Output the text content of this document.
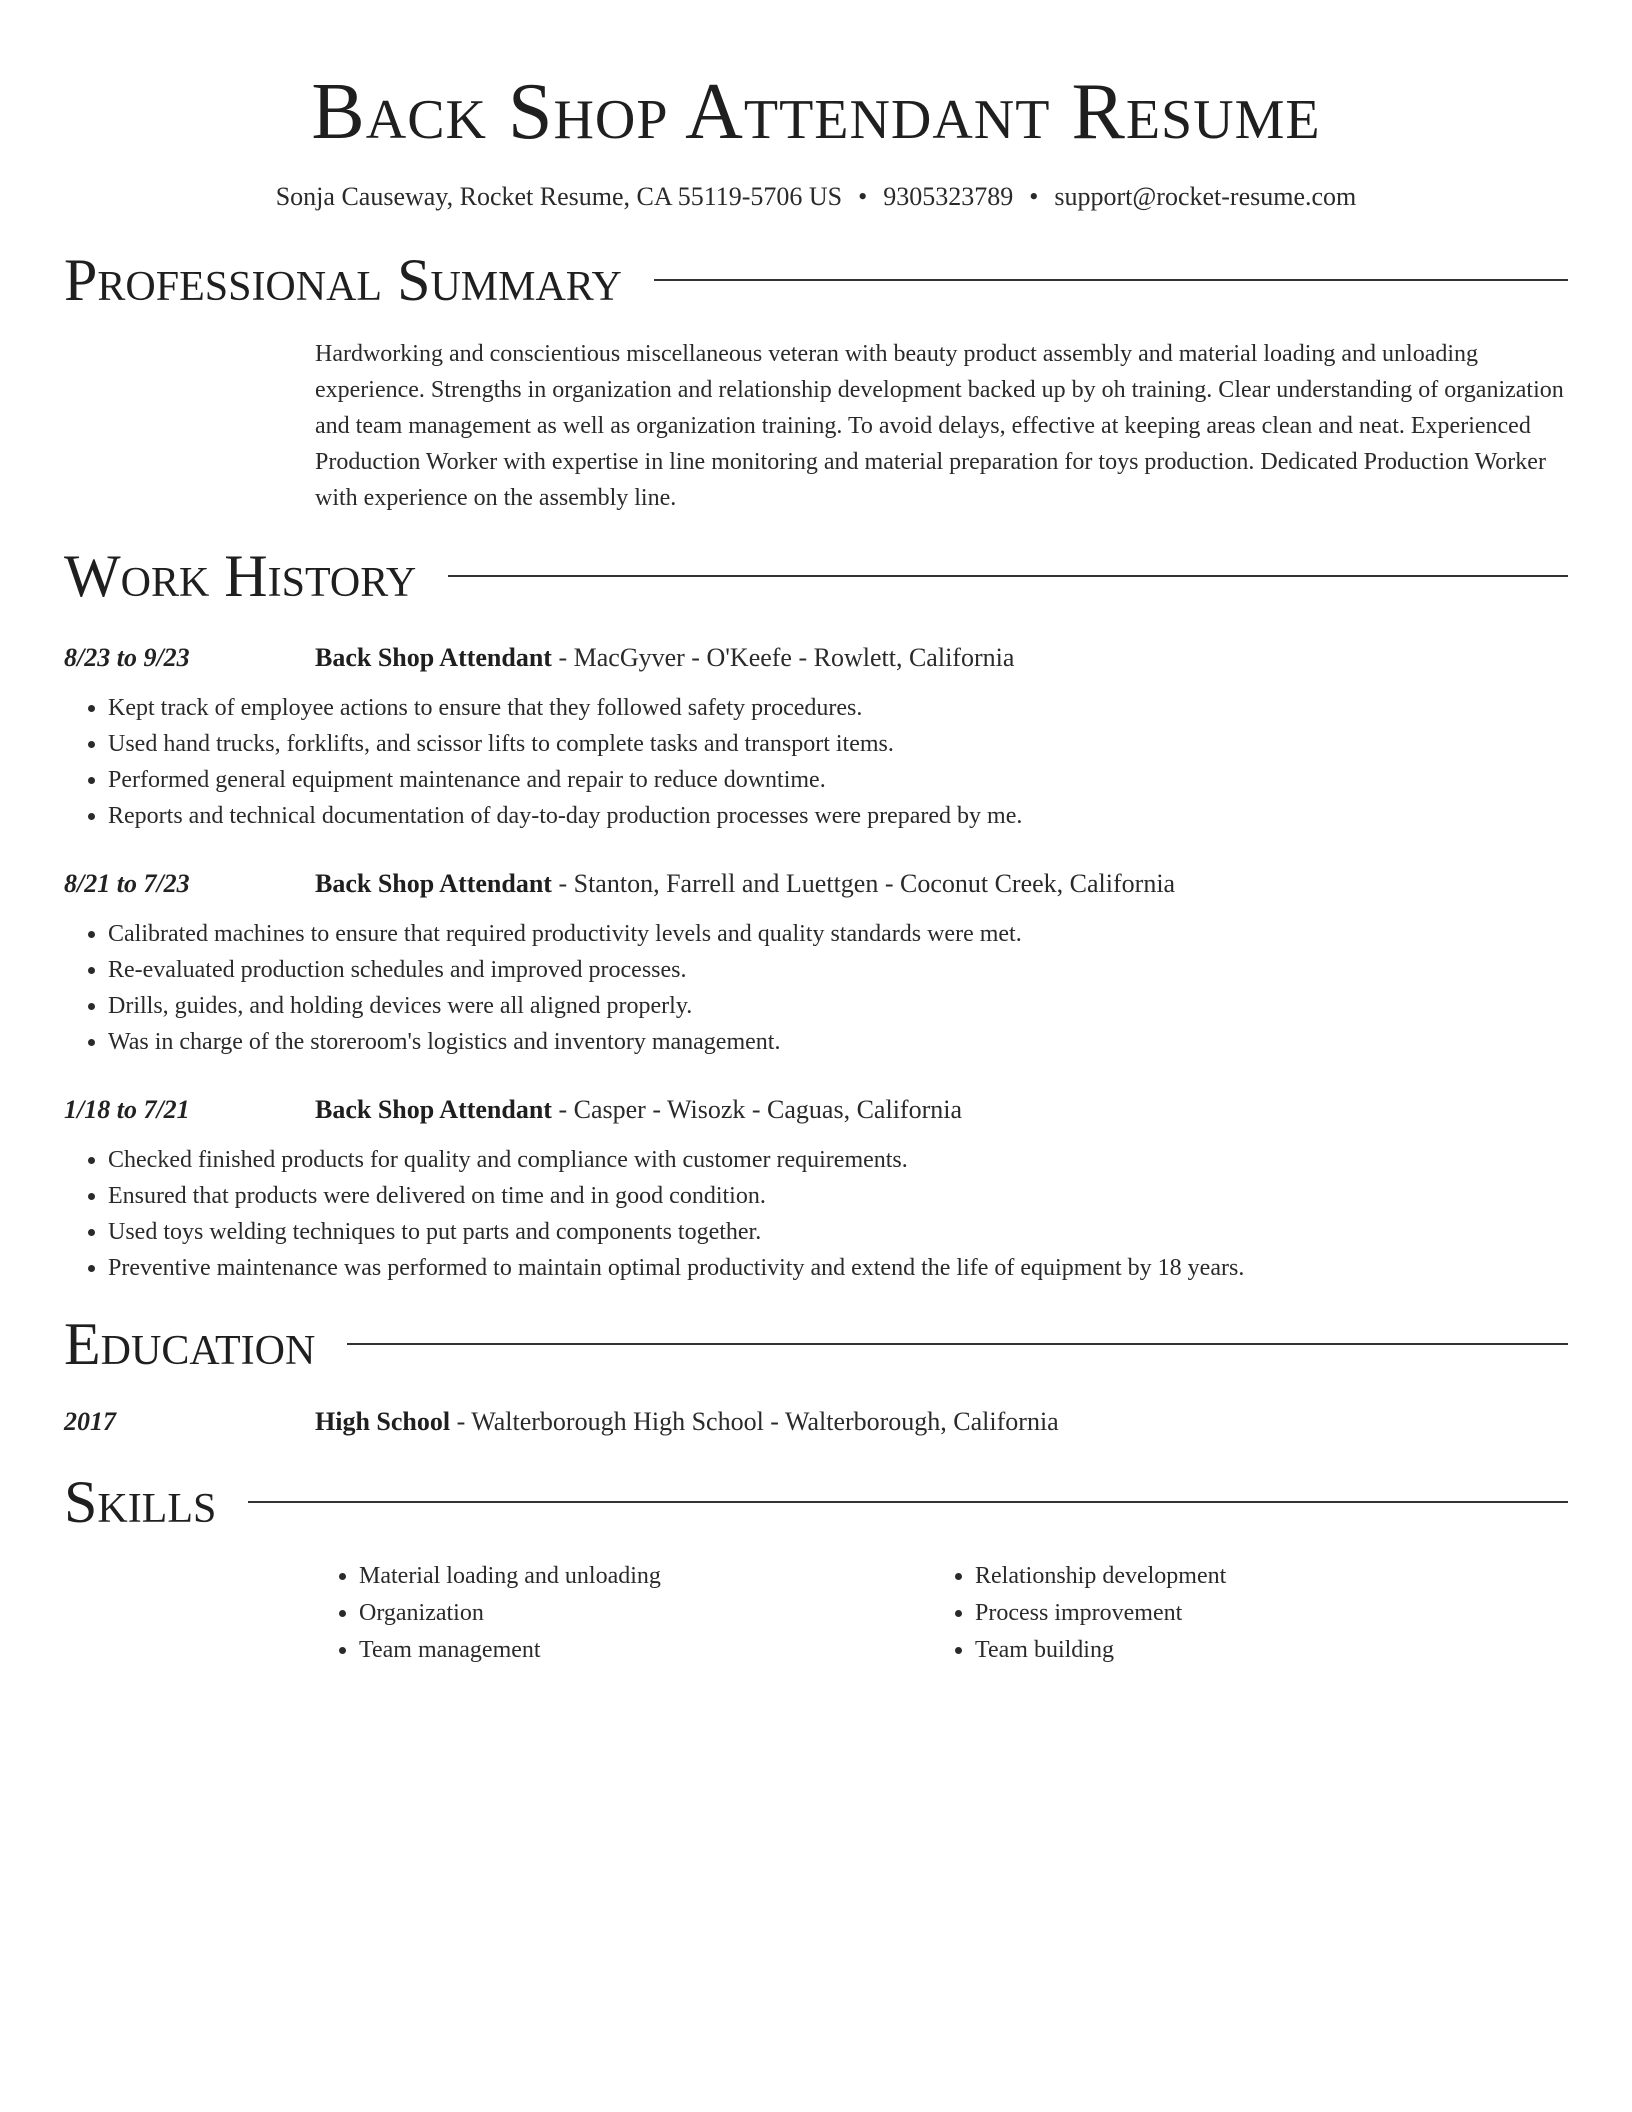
Back Shop Attendant Resume
Sonja Causeway, Rocket Resume, CA 55119-5706 US • 9305323789 • support@rocket-resume.com
Professional Summary
Hardworking and conscientious miscellaneous veteran with beauty product assembly and material loading and unloading experience. Strengths in organization and relationship development backed up by oh training. Clear understanding of organization and team management as well as organization training. To avoid delays, effective at keeping areas clean and neat. Experienced Production Worker with expertise in line monitoring and material preparation for toys production. Dedicated Production Worker with experience on the assembly line.
Work History
8/23 to 9/23	Back Shop Attendant - MacGyver - O'Keefe - Rowlett, California
• Kept track of employee actions to ensure that they followed safety procedures.
• Used hand trucks, forklifts, and scissor lifts to complete tasks and transport items.
• Performed general equipment maintenance and repair to reduce downtime.
• Reports and technical documentation of day-to-day production processes were prepared by me.
8/21 to 7/23	Back Shop Attendant - Stanton, Farrell and Luettgen - Coconut Creek, California
• Calibrated machines to ensure that required productivity levels and quality standards were met.
• Re-evaluated production schedules and improved processes.
• Drills, guides, and holding devices were all aligned properly.
• Was in charge of the storeroom's logistics and inventory management.
1/18 to 7/21	Back Shop Attendant - Casper - Wisozk - Caguas, California
• Checked finished products for quality and compliance with customer requirements.
• Ensured that products were delivered on time and in good condition.
• Used toys welding techniques to put parts and components together.
• Preventive maintenance was performed to maintain optimal productivity and extend the life of equipment by 18 years.
Education
2017	High School - Walterborough High School - Walterborough, California
Skills
• Material loading and unloading
• Organization
• Team management
• Relationship development
• Process improvement
• Team building
